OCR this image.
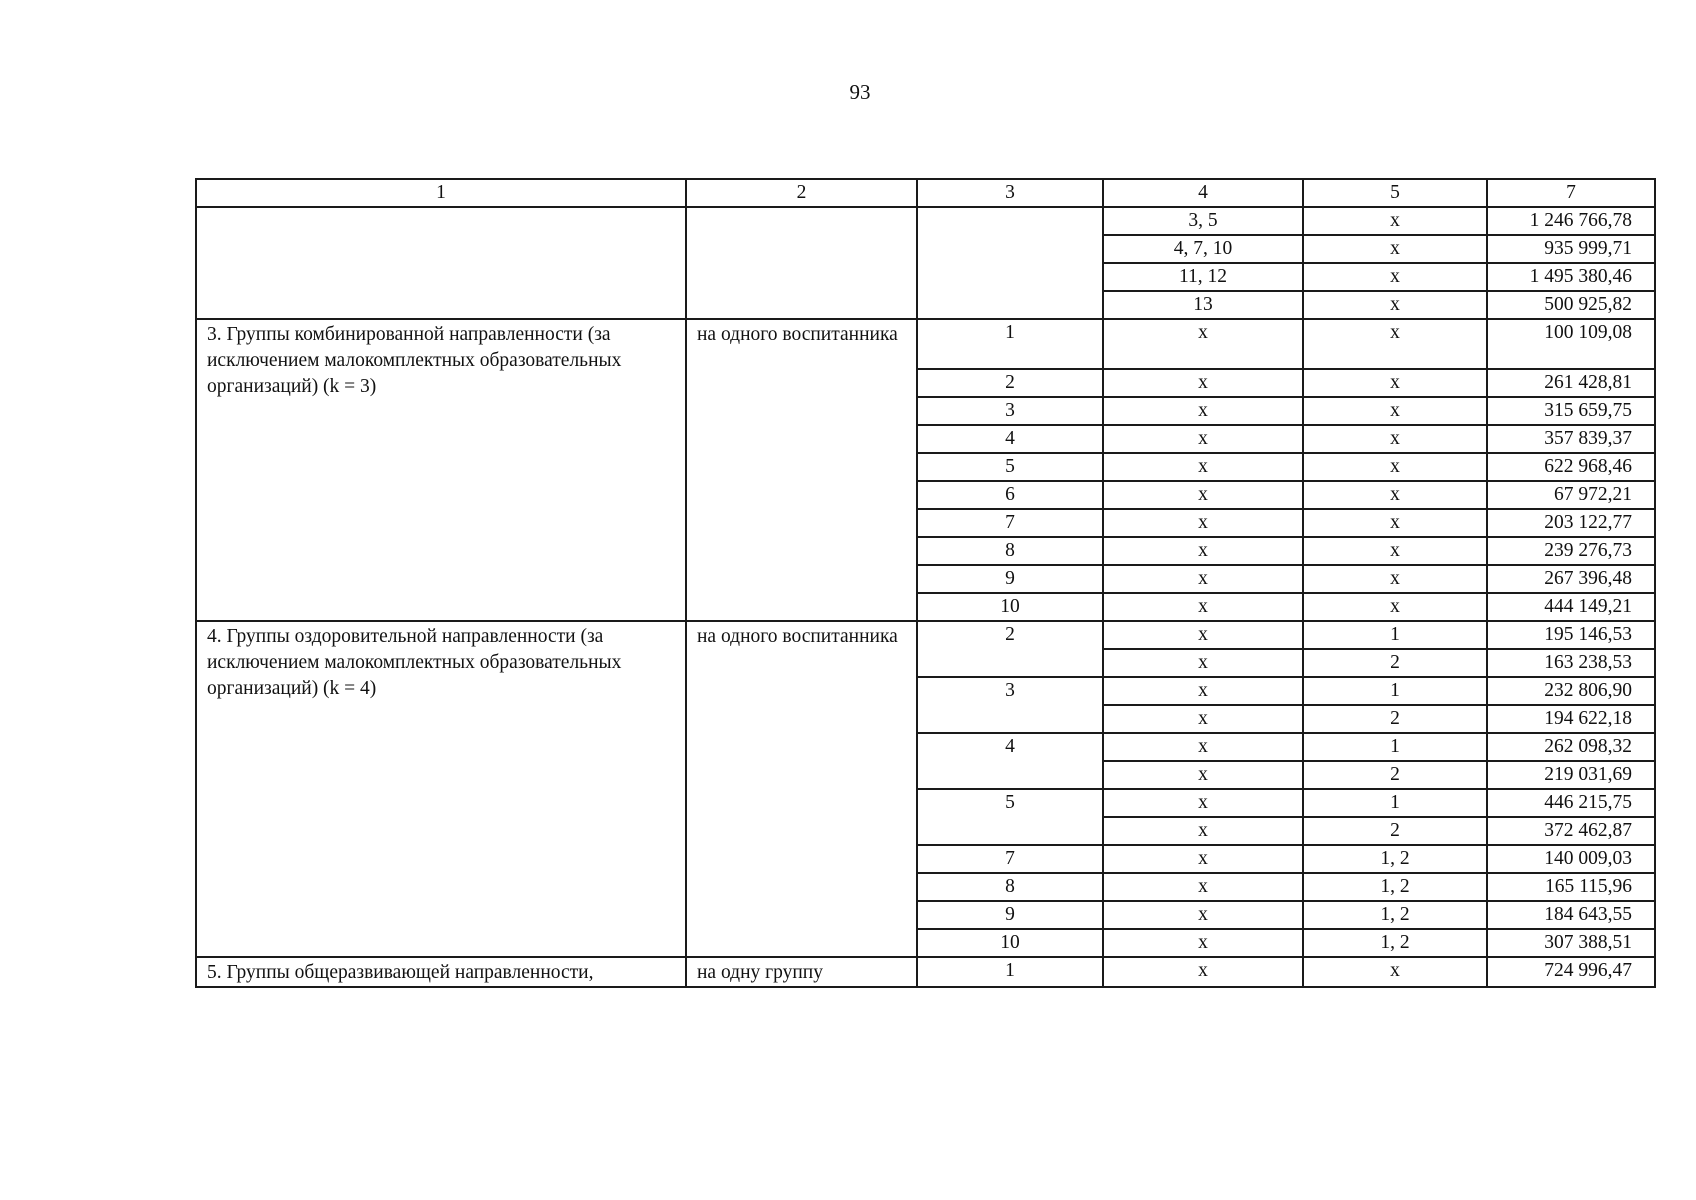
93
1	2	3	4	5	7
			3, 5	x	1 246 766,78
			4, 7, 10	x	935 999,71
			11, 12	x	1 495 380,46
			13	x	500 925,82
3. Группы комбинированной направленности (за исключением малокомплектных образовательных организаций) (k = 3)	на одного воспитанника	1	x	x	100 109,08
		2	x	x	261 428,81
		3	x	x	315 659,75
		4	x	x	357 839,37
		5	x	x	622 968,46
		6	x	x	67 972,21
		7	x	x	203 122,77
		8	x	x	239 276,73
		9	x	x	267 396,48
		10	x	x	444 149,21
4. Группы оздоровительной направленности (за исключением малокомплектных образовательных организаций) (k = 4)	на одного воспитанника	2	x	1	195 146,53
			x	2	163 238,53
		3	x	1	232 806,90
			x	2	194 622,18
		4	x	1	262 098,32
			x	2	219 031,69
		5	x	1	446 215,75
			x	2	372 462,87
		7	x	1, 2	140 009,03
		8	x	1, 2	165 115,96
		9	x	1, 2	184 643,55
		10	x	1, 2	307 388,51
5. Группы общеразвивающей направленности,	на одну группу	1	x	x	724 996,47
